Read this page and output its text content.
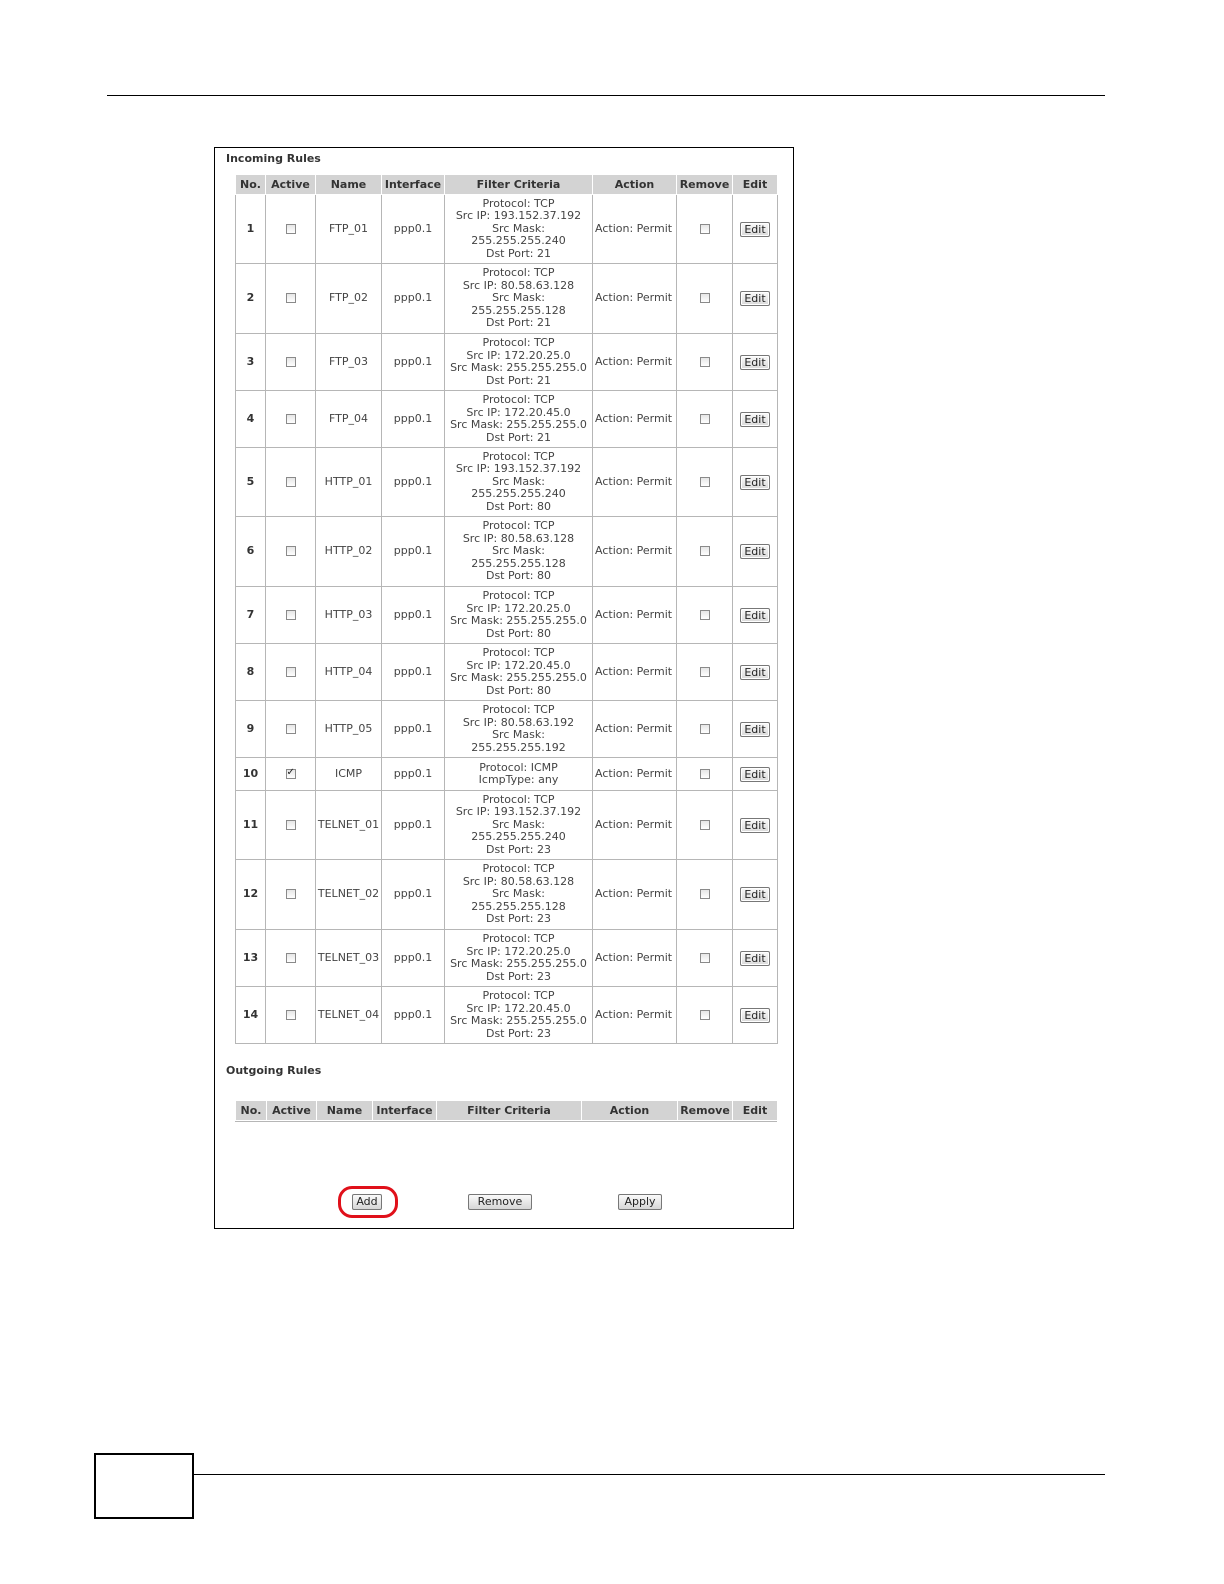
Incoming Rules
No.	Active	Name	Interface	Filter Criteria	Action	Remove	Edit
1		FTP_01	ppp0.1	Protocol: TCP
Src IP: 193.152.37.192
Src Mask:
255.255.255.240
Dst Port: 21	Action: Permit		Edit
2		FTP_02	ppp0.1	Protocol: TCP
Src IP: 80.58.63.128
Src Mask:
255.255.255.128
Dst Port: 21	Action: Permit		Edit
3		FTP_03	ppp0.1	Protocol: TCP
Src IP: 172.20.25.0
Src Mask: 255.255.255.0
Dst Port: 21	Action: Permit		Edit
4		FTP_04	ppp0.1	Protocol: TCP
Src IP: 172.20.45.0
Src Mask: 255.255.255.0
Dst Port: 21	Action: Permit		Edit
5		HTTP_01	ppp0.1	Protocol: TCP
Src IP: 193.152.37.192
Src Mask:
255.255.255.240
Dst Port: 80	Action: Permit		Edit
6		HTTP_02	ppp0.1	Protocol: TCP
Src IP: 80.58.63.128
Src Mask:
255.255.255.128
Dst Port: 80	Action: Permit		Edit
7		HTTP_03	ppp0.1	Protocol: TCP
Src IP: 172.20.25.0
Src Mask: 255.255.255.0
Dst Port: 80	Action: Permit		Edit
8		HTTP_04	ppp0.1	Protocol: TCP
Src IP: 172.20.45.0
Src Mask: 255.255.255.0
Dst Port: 80	Action: Permit		Edit
9		HTTP_05	ppp0.1	Protocol: TCP
Src IP: 80.58.63.192
Src Mask:
255.255.255.192	Action: Permit		Edit
10	✓	ICMP	ppp0.1	Protocol: ICMP
IcmpType: any	Action: Permit		Edit
11		TELNET_01	ppp0.1	Protocol: TCP
Src IP: 193.152.37.192
Src Mask:
255.255.255.240
Dst Port: 23	Action: Permit		Edit
12		TELNET_02	ppp0.1	Protocol: TCP
Src IP: 80.58.63.128
Src Mask:
255.255.255.128
Dst Port: 23	Action: Permit		Edit
13		TELNET_03	ppp0.1	Protocol: TCP
Src IP: 172.20.25.0
Src Mask: 255.255.255.0
Dst Port: 23	Action: Permit		Edit
14		TELNET_04	ppp0.1	Protocol: TCP
Src IP: 172.20.45.0
Src Mask: 255.255.255.0
Dst Port: 23	Action: Permit		Edit
Outgoing Rules
No.	Active	Name	Interface	Filter Criteria	Action	Remove	Edit
Add	Remove	Apply
